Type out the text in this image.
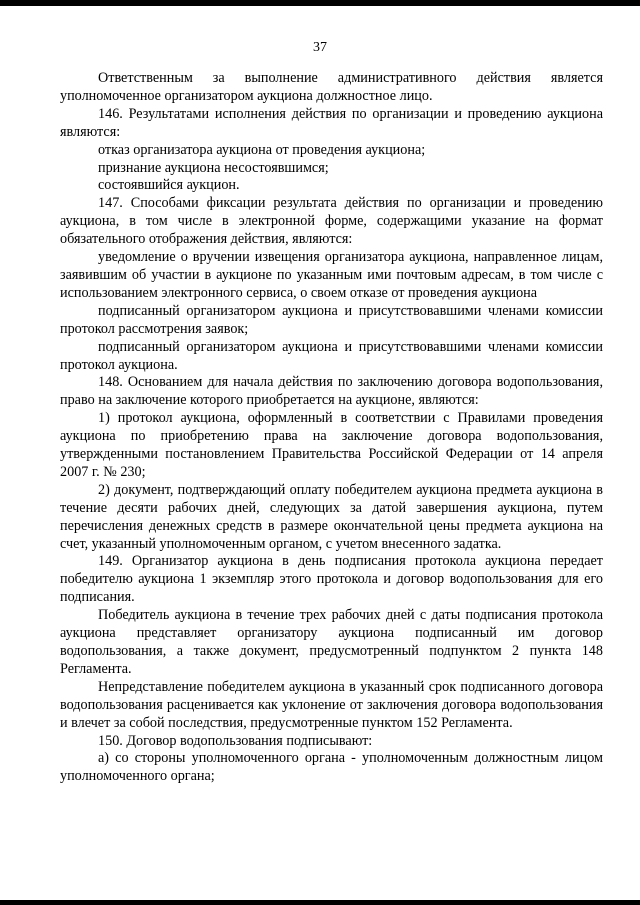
37

Ответственным за выполнение административного действия является уполномоченное организатором аукциона должностное лицо.

146. Результатами исполнения действия по организации и проведению аукциона являются:

отказ организатора аукциона от проведения аукциона;

признание аукциона несостоявшимся;

состоявшийся аукцион.

147. Способами фиксации результата действия по организации и проведению аукциона, в том числе в электронной форме, содержащими указание на формат обязательного отображения действия, являются:

уведомление о вручении извещения организатора аукциона, направленное лицам, заявившим об участии в аукционе по указанным ими почтовым адресам, в том числе с использованием электронного сервиса, о своем отказе от проведения аукциона

подписанный организатором аукциона и присутствовавшими членами комиссии протокол рассмотрения заявок;

подписанный организатором аукциона и присутствовавшими членами комиссии протокол аукциона.

148. Основанием для начала действия по заключению договора водопользования, право на заключение которого приобретается на аукционе, являются:

1) протокол аукциона, оформленный в соответствии с Правилами проведения аукциона по приобретению права на заключение договора водопользования, утвержденными постановлением Правительства Российской Федерации от 14 апреля 2007 г. № 230;

2) документ, подтверждающий оплату победителем аукциона предмета аукциона в течение десяти рабочих дней, следующих за датой завершения аукциона, путем перечисления денежных средств в размере окончательной цены предмета аукциона на счет, указанный уполномоченным органом, с учетом внесенного задатка.

149. Организатор аукциона в день подписания протокола аукциона передает победителю аукциона 1 экземпляр этого протокола и договор водопользования для его подписания.

Победитель аукциона в течение трех рабочих дней с даты подписания протокола аукциона представляет организатору аукциона подписанный им договор водопользования, а также документ, предусмотренный подпунктом 2 пункта 148 Регламента.

Непредставление победителем аукциона в указанный срок подписанного договора водопользования расценивается как уклонение от заключения договора водопользования и влечет за собой последствия, предусмотренные пунктом 152 Регламента.

150. Договор водопользования подписывают:

а) со стороны уполномоченного органа - уполномоченным должностным лицом уполномоченного органа;
